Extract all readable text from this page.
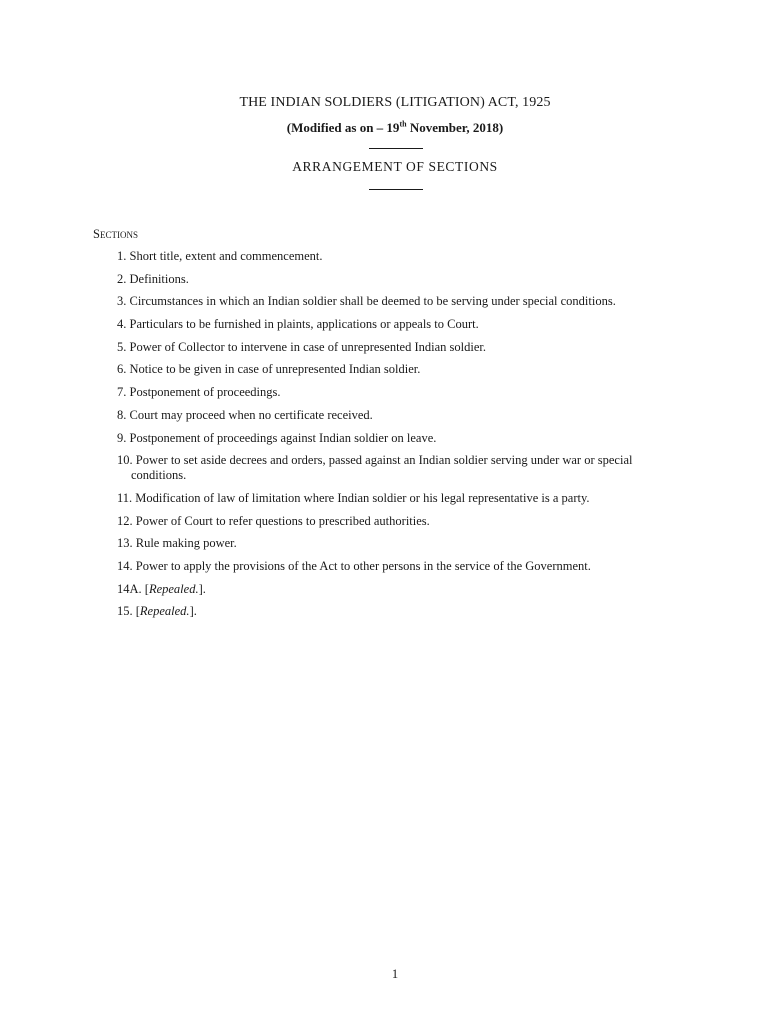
THE INDIAN SOLDIERS (LITIGATION) ACT, 1925
(Modified as on – 19th November, 2018)
ARRANGEMENT OF SECTIONS
Sections
1. Short title, extent and commencement.
2. Definitions.
3. Circumstances in which an Indian soldier shall be deemed to be serving under special conditions.
4. Particulars to be furnished in plaints, applications or appeals to Court.
5. Power of Collector to intervene in case of unrepresented Indian soldier.
6. Notice to be given in case of unrepresented Indian soldier.
7. Postponement of proceedings.
8. Court may proceed when no certificate received.
9. Postponement of proceedings against Indian soldier on leave.
10. Power to set aside decrees and orders, passed against an Indian soldier serving under war or special conditions.
11. Modification of law of limitation where Indian soldier or his legal representative is a party.
12. Power of Court to refer questions to prescribed authorities.
13. Rule making power.
14. Power to apply the provisions of the Act to other persons in the service of the Government.
14A. [Repealed.].
15. [Repealed.].
1
